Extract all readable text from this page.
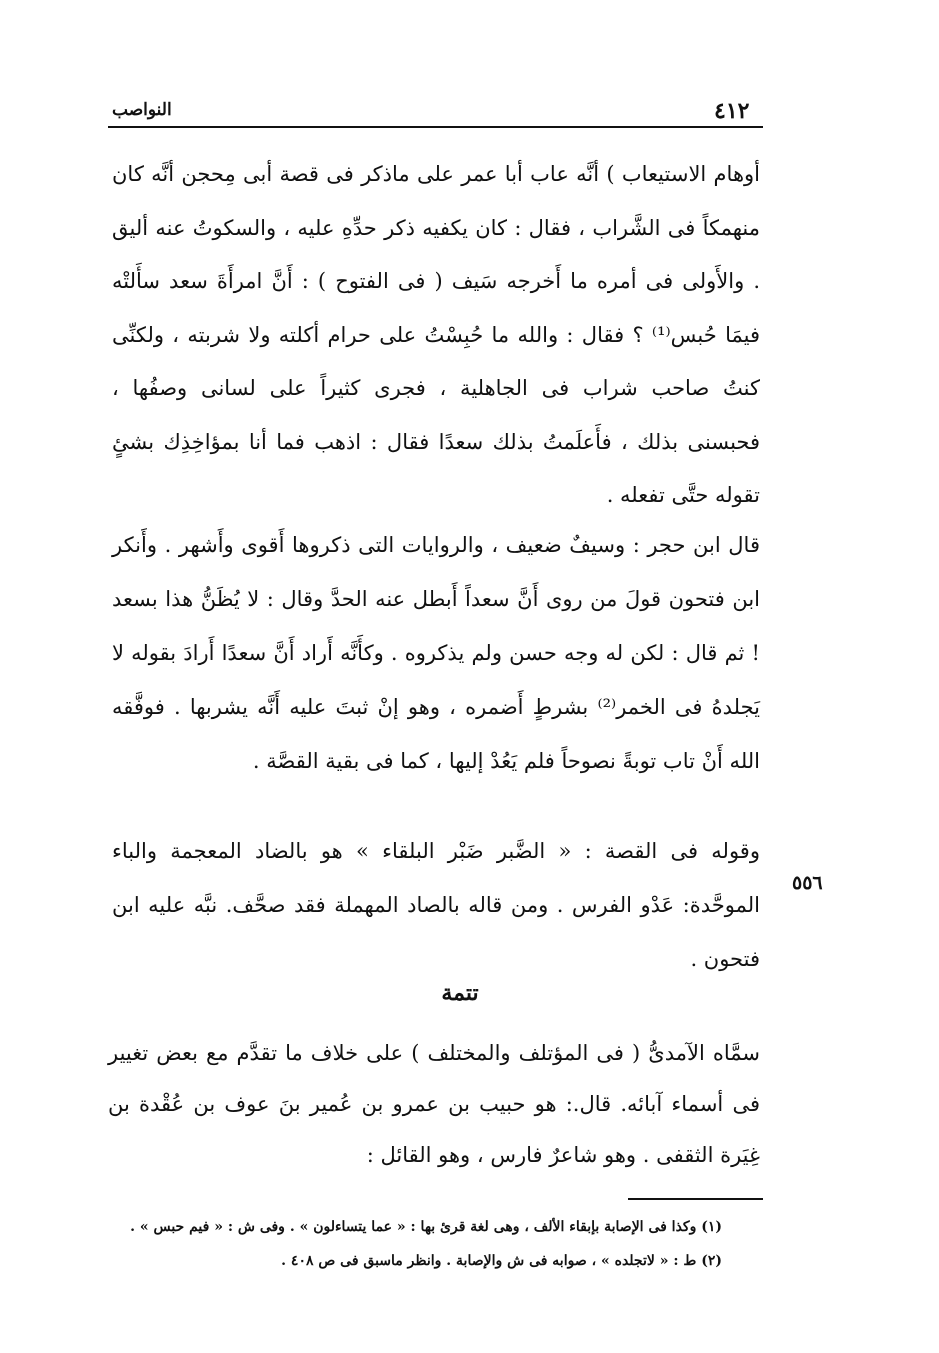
النواصب	٤١٢

أوهام الاستيعاب ) أنَّه عاب أبا عمر على ماذكر فى قصة أبى مِحجن أنَّه كان منهمكاً فى الشَّراب ، فقال : كان يكفيه ذكر حدِّهِ عليه ، والسكوتُ عنه أليق . والأَولى فى أمره ما أَخرجه سَيف ( فى الفتوح ) : أَنَّ امرأَةَ سعد سأَلتْه فيمَا حُبس⁽¹⁾ ؟ فقال : والله ما حُبِسْتُ على حرام أكلته ولا شربته ، ولكنِّى كنتُ صاحب شراب فى الجاهلية ، فجرى كثيراً على لسانى وصفُها ، فحبسنى بذلك ، فأَعلَمتُ بذلك سعدًا فقال : اذهب فما أنا بمؤاخِذِك بشئٍ تقوله حتَّى تفعله .

قال ابن حجر : وسيفٌ ضعيف ، والروايات التى ذكروها أَقوى وأَشهر . وأَنكر ابن فتحون قولَ من روى أَنَّ سعداً أَبطل عنه الحدَّ وقال : لا يُظَنُّ هذا بسعد ! ثم قال : لكن له وجه حسن ولم يذكروه . وكأَنَّه أَراد أَنَّ سعدًا أَرادَ بقوله لا يَجلدهُ فى الخمر⁽²⁾ بشرطٍ أَضمره ، وهو إنْ ثبتَ عليه أَنَّه يشربها . فوفَّقه الله أَنْ تاب توبةً نصوحاً فلم يَعُدْ إليها ، كما فى بقية القصَّة .

وقوله فى القصة : « الضَّبر ضَبْر البلقاء » هو بالضاد المعجمة والباء الموحَّدة: عَدْو الفرس . ومن قاله بالصاد المهملة فقد صحَّف. نبَّه عليه ابن فتحون .

٥٥٦
تتمة

سمَّاه الآمدىُّ ( فى المؤتلف والمختلف ) على خلاف ما تقدَّم مع بعض تغيير فى أسماء آبائه. قال.: هو حبيب بن عمرو بن عُمير بنَ عوف بن عُقْدة بن غِيَرة الثقفى . وهو شاعرٌ فارس ، وهو القائل :

(١) وكذا فى الإصابة بإبقاء الألف ، وهى لغة قرئ بها : « عما يتساءلون » . وفى ش : « فيم حبس » .

(٢) ط : « لاتجلده » ، صوابه فى ش والإصابة . وانظر ماسبق فى ص ٤٠٨ .
